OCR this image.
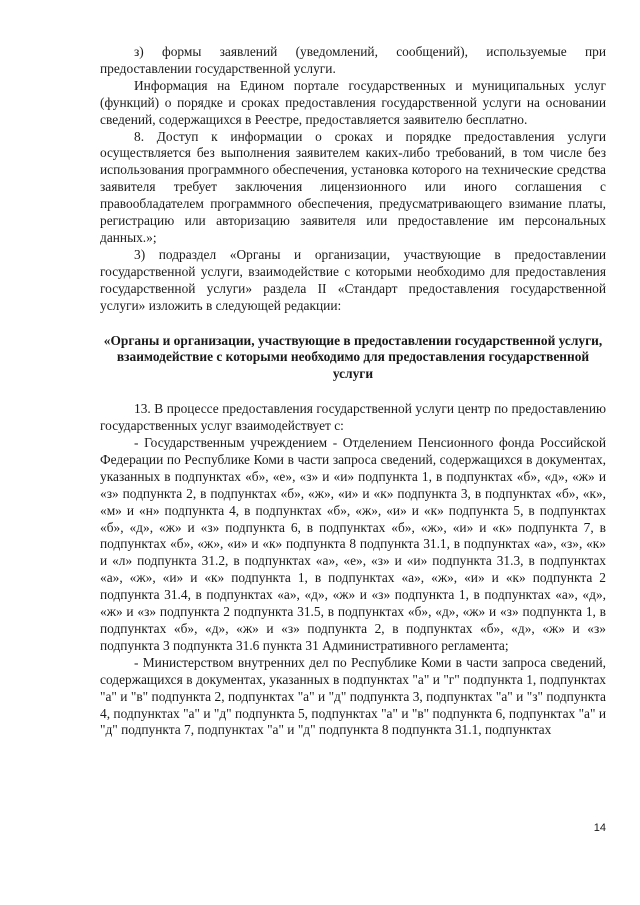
з) формы заявлений (уведомлений, сообщений), используемые при предоставлении государственной услуги.

Информация на Едином портале государственных и муниципальных услуг (функций) о порядке и сроках предоставления государственной услуги на основании сведений, содержащихся в Реестре, предоставляется заявителю бесплатно.

8. Доступ к информации о сроках и порядке предоставления услуги осуществляется без выполнения заявителем каких-либо требований, в том числе без использования программного обеспечения, установка которого на технические средства заявителя требует заключения лицензионного или иного соглашения с правообладателем программного обеспечения, предусматривающего взимание платы, регистрацию или авторизацию заявителя или предоставление им персональных данных.»;

3) подраздел «Органы и организации, участвующие в предоставлении государственной услуги, взаимодействие с которыми необходимо для предоставления государственной услуги» раздела II «Стандарт предоставления государственной услуги» изложить в следующей редакции:

«Органы и организации, участвующие в предоставлении государственной услуги, взаимодействие с которыми необходимо для предоставления государственной услуги

13. В процессе предоставления государственной услуги центр по предоставлению государственных услуг взаимодействует с:

- Государственным учреждением - Отделением Пенсионного фонда Российской Федерации по Республике Коми в части запроса сведений, содержащихся в документах, указанных в подпунктах «б», «е», «з» и «и» подпункта 1, в подпунктах «б», «д», «ж» и «з» подпункта 2, в подпунктах «б», «ж», «и» и «к» подпункта 3, в подпунктах «б», «к», «м» и «н» подпункта 4, в подпунктах «б», «ж», «и» и «к» подпункта 5, в подпунктах «б», «д», «ж» и «з» подпункта 6, в подпунктах «б», «ж», «и» и «к» подпункта 7, в подпунктах «б», «ж», «и» и «к» подпункта 8 подпункта 31.1, в подпунктах «а», «з», «к» и «л» подпункта 31.2, в подпунктах «а», «е», «з» и «и» подпункта 31.3, в подпунктах «а», «ж», «и» и «к» подпункта 1, в подпунктах «а», «ж», «и» и «к» подпункта 2 подпункта 31.4, в подпунктах «а», «д», «ж» и «з» подпункта 1, в подпунктах «а», «д», «ж» и «з» подпункта 2 подпункта 31.5, в подпунктах «б», «д», «ж» и «з» подпункта 1, в подпунктах «б», «д», «ж» и «з» подпункта 2, в подпунктах «б», «д», «ж» и «з» подпункта 3 подпункта 31.6 пункта 31 Административного регламента;

- Министерством внутренних дел по Республике Коми в части запроса сведений, содержащихся в документах, указанных в подпунктах "а" и "г" подпункта 1, подпунктах "а" и "в" подпункта 2, подпунктах "а" и "д" подпункта 3, подпунктах "а" и "з" подпункта 4, подпунктах "а" и "д" подпункта 5, подпунктах "а" и "в" подпункта 6, подпунктах "а" и "д" подпункта 7, подпунктах "а" и "д" подпункта 8 подпункта 31.1, подпунктах

14
